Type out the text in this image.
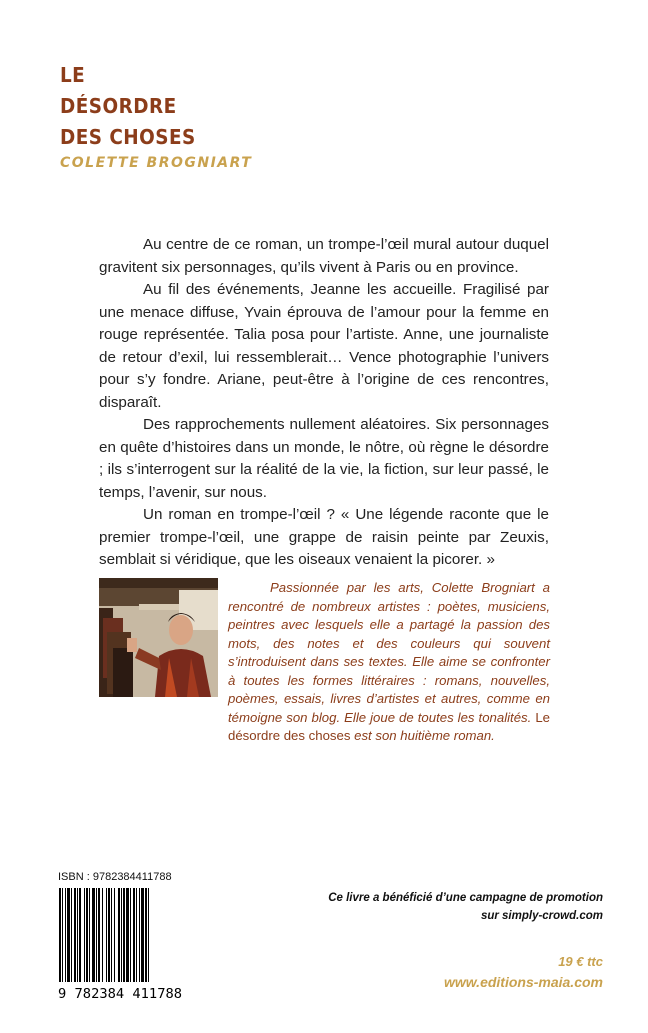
LE
DÉSORDRE
DES CHOSES
COLETTE BROGNIART

Au centre de ce roman, un trompe-l’œil mural autour duquel gravitent six personnages, qu’ils vivent à Paris ou en province.

Au fil des événements, Jeanne les accueille. Fragilisé par une menace diffuse, Yvain éprouva de l’amour pour la femme en rouge représentée. Talia posa pour l’artiste. Anne, une journaliste de retour d’exil, lui ressemblerait… Vence photographie l’univers pour s’y fondre. Ariane, peut-être à l’origine de ces rencontres, disparaît.

Des rapprochements nullement aléatoires. Six personnages en quête d’histoires dans un monde, le nôtre, où règne le désordre ; ils s’interrogent sur la réalité de la vie, la fiction, sur leur passé, le temps, l’avenir, sur nous.

Un roman en trompe-l’œil ? « Une légende raconte que le premier trompe-l’œil, une grappe de raisin peinte par Zeuxis, semblait si véridique, que les oiseaux venaient la picorer. »

Passionnée par les arts, Colette Brogniart a rencontré de nombreux artistes : poètes, musiciens, peintres avec lesquels elle a partagé la passion des mots, des notes et des couleurs qui souvent s’introduisent dans ses textes. Elle aime se confronter à toutes les formes littéraires : romans, nouvelles, poèmes, essais, livres d’artistes et autres, comme en témoigne son blog. Elle joue de toutes les tonalités. Le désordre des choses est son huitième roman.
ISBN : 9782384411788
9 782384 411788
Ce livre a bénéficié d’une campagne de promotion
sur simply-crowd.com
19 € ttc
www.editions-maia.com
